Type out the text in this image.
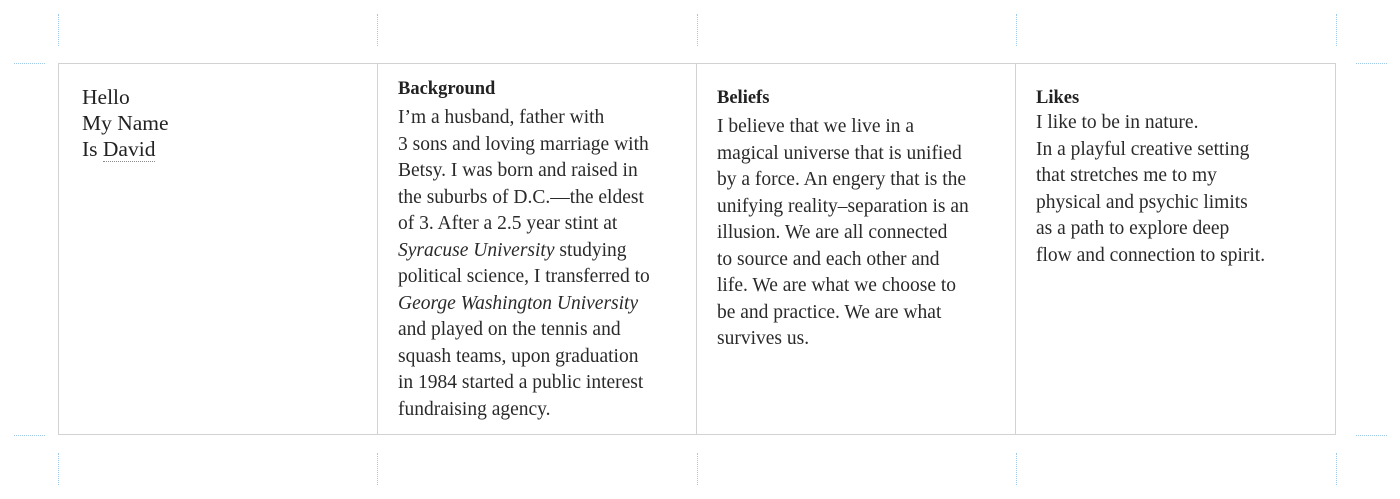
Hello
My Name
Is David
Background

I’m a husband, father with
3 sons and loving marriage with
Betsy. I was born and raised in
the suburbs of D.C.—the eldest
of 3. After a 2.5 year stint at
Syracuse University studying
political science, I transferred to
George Washington University
and played on the tennis and
squash teams, upon graduation
in 1984 started a public interest
fundraising agency.

Beliefs

I believe that we live in a
magical universe that is unified
by a force. An engery that is the
unifying reality–separation is an
illusion. We are all connected
to source and each other and
life. We are what we choose to
be and practice. We are what
survives us.

Likes

I like to be in nature.
In a playful creative setting
that stretches me to my
physical and psychic limits
as a path to explore deep
flow and connection to spirit.
